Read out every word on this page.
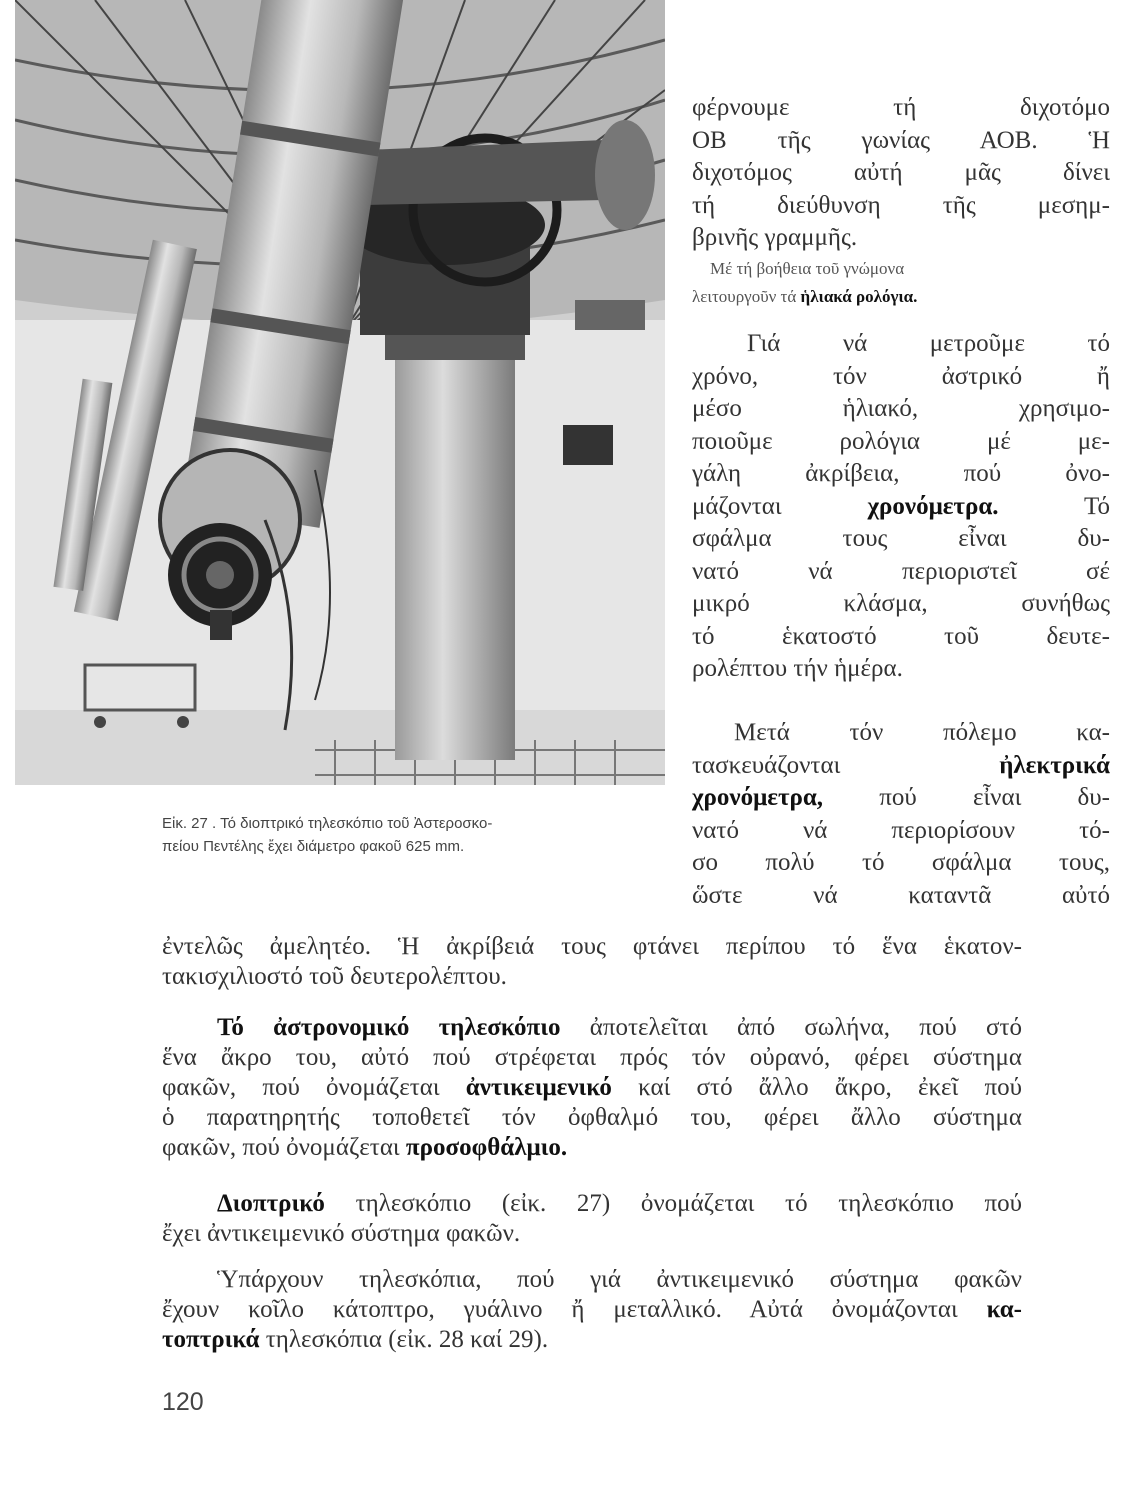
Εἰκ. 27 . Τό διοπτρικό τηλεσκόπιο τοῦ Ἀστεροσκο-
πείου Πεντέλης ἔχει διάμετρο φακοῦ 625 mm.
φέρνουμε τή διχοτόμο
ΟΒ τῆς γωνίας ΑΟΒ. Ἡ
διχοτόμος αὐτή μᾶς δίνει
τή διεύθυνση τῆς μεσημ-
βρινῆς γραμμῆς.
Μέ τή βοήθεια τοῦ γνώμονα
λειτουργοῦν τά ἡλιακά ρολόγια.
Γιά νά μετροῦμε τό
χρόνο, τόν ἀστρικό ἤ
μέσο ἡλιακό, χρησιμο-
ποιοῦμε ρολόγια μέ με-
γάλη ἀκρίβεια, πού ὀνο-
μάζονται χρονόμετρα. Τό
σφάλμα τους εἶναι δυ-
νατό νά περιοριστεῖ σέ
μικρό κλάσμα, συνήθως
τό ἑκατοστό τοῦ δευτε-
ρολέπτου τήν ἡμέρα.
Μετά τόν πόλεμο κα-
τασκευάζονται ἠλεκτρικά
χρονόμετρα, πού εἶναι δυ-
νατό νά περιορίσουν τό-
σο πολύ τό σφάλμα τους,
ὥστε νά καταντᾶ αὐτό
ἐντελῶς ἀμελητέο. Ἡ ἀκρίβειά τους φτάνει περίπου τό ἕνα ἑκατον-
τακισχιλιοστό τοῦ δευτερολέπτου.
Τό ἀστρονομικό τηλεσκόπιο ἀποτελεῖται ἀπό σωλήνα, πού στό
ἕνα ἄκρο του, αὐτό πού στρέφεται πρός τόν οὐρανό, φέρει σύστημα
φακῶν, πού ὀνομάζεται ἀντικειμενικό καί στό ἄλλο ἄκρο, ἐκεῖ πού
ὁ παρατηρητής τοποθετεῖ τόν ὀφθαλμό του, φέρει ἄλλο σύστημα
φακῶν, πού ὀνομάζεται προσοφθάλμιο.
Διοπτρικό τηλεσκόπιο (εἰκ. 27) ὀνομάζεται τό τηλεσκόπιο πού
ἔχει ἀντικειμενικό σύστημα φακῶν.
Ὑπάρχουν τηλεσκόπια, πού γιά ἀντικειμενικό σύστημα φακῶν
ἔχουν κοῖλο κάτοπτρο, γυάλινο ἤ μεταλλικό. Αὐτά ὀνομάζονται κα-
τοπτρικά τηλεσκόπια (εἰκ. 28 καί 29).
120
